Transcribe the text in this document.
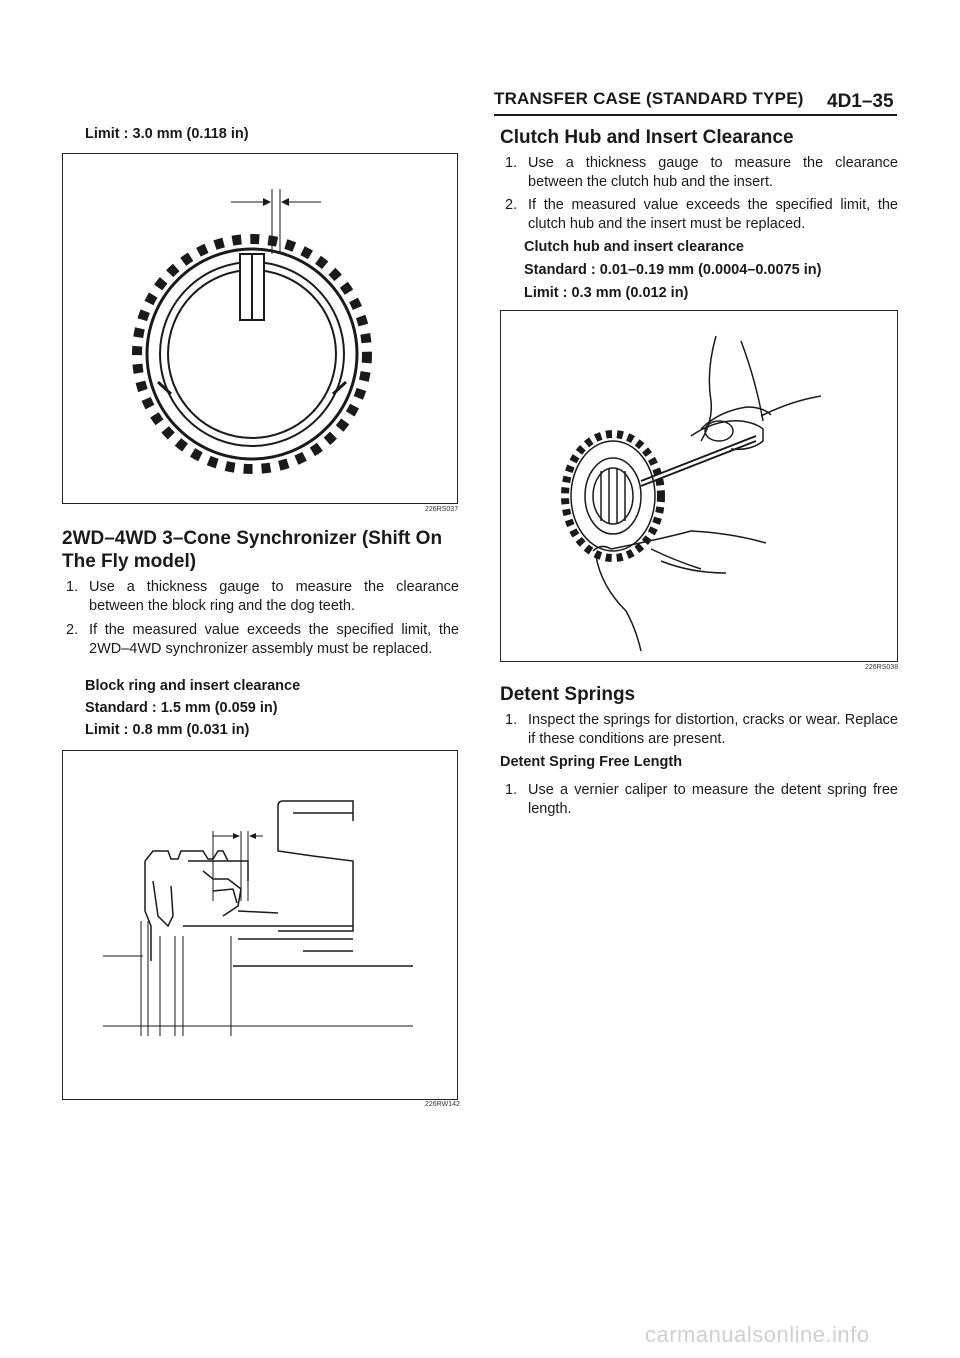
TRANSFER CASE (STANDARD TYPE) 4D1–35
Limit : 3.0 mm (0.118 in)
226RS037
2WD–4WD 3–Cone Synchronizer (Shift On
The Fly model)
1. Use a thickness gauge to measure the clearance between the block ring and the dog teeth.
2. If the measured value exceeds the specified limit, the 2WD–4WD synchronizer assembly must be replaced.
Block ring and insert clearance
Standard : 1.5 mm (0.059 in)
Limit : 0.8 mm (0.031 in)
226RW142
Clutch Hub and Insert Clearance
1. Use a thickness gauge to measure the clearance between the clutch hub and the insert.
2. If the measured value exceeds the specified limit, the clutch hub and the insert must be replaced.
Clutch hub and insert clearance
Standard : 0.01–0.19 mm (0.0004–0.0075 in)
Limit : 0.3 mm (0.012 in)
226RS038
Detent Springs
1. Inspect the springs for distortion, cracks or wear. Replace if these conditions are present.
Detent Spring Free Length
1. Use a vernier caliper to measure the detent spring free length.
carmanualsonline.info
